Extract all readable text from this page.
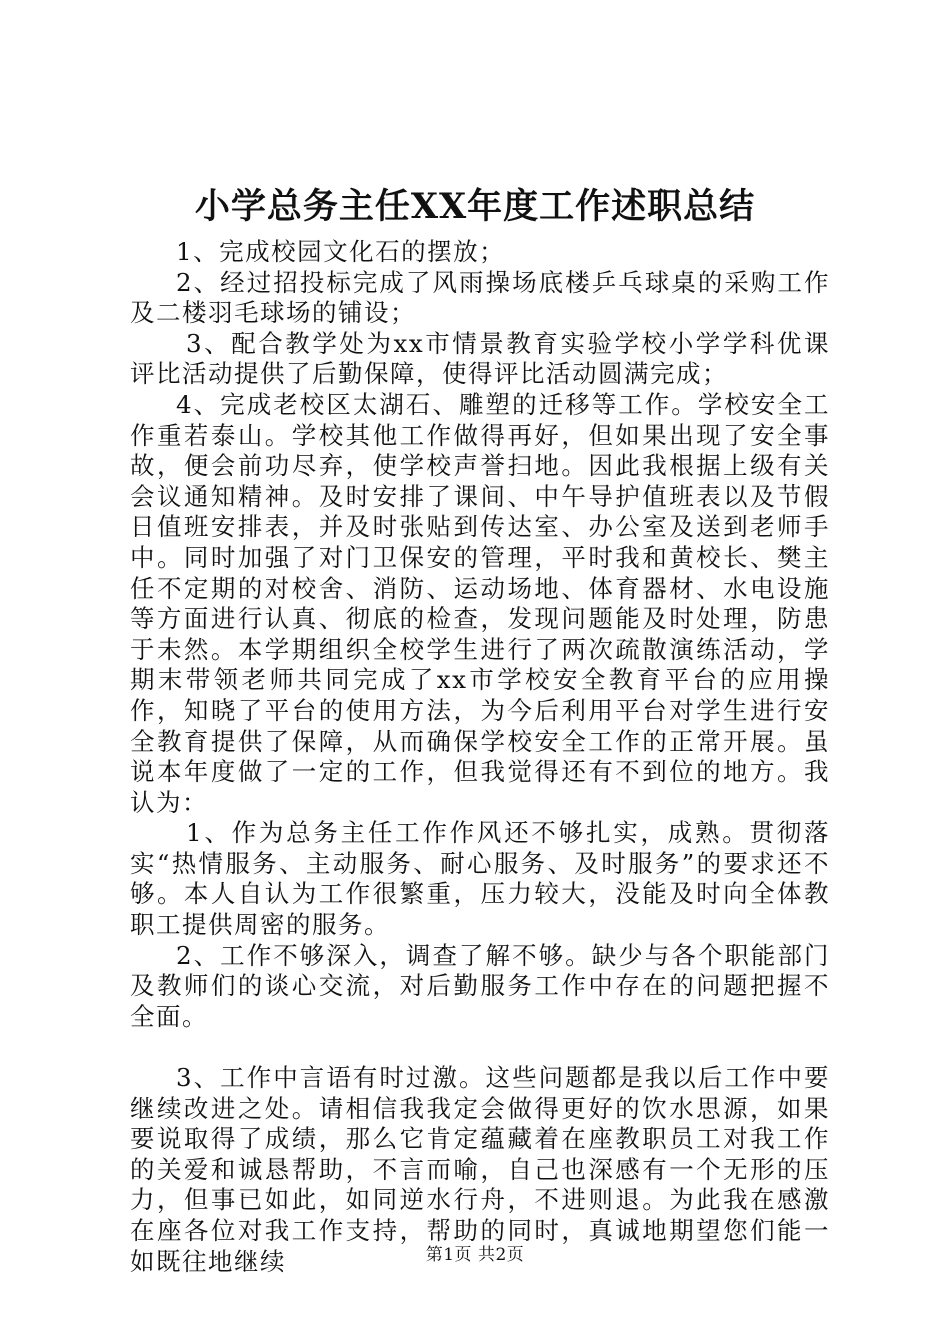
小学总务主任XX年度工作述职总结

1、完成校园文化石的摆放；

2、经过招投标完成了风雨操场底楼乒乓球桌的采购工作及二楼羽毛球场的铺设；

3、配合教学处为xx市情景教育实验学校小学学科优课评比活动提供了后勤保障，使得评比活动圆满完成；

4、完成老校区太湖石、雕塑的迁移等工作。学校安全工作重若泰山。学校其他工作做得再好，但如果出现了安全事故，便会前功尽弃，使学校声誉扫地。因此我根据上级有关会议通知精神。及时安排了课间、中午导护值班表以及节假日值班安排表，并及时张贴到传达室、办公室及送到老师手中。同时加强了对门卫保安的管理，平时我和黄校长、樊主任不定期的对校舍、消防、运动场地、体育器材、水电设施等方面进行认真、彻底的检查，发现问题能及时处理，防患于未然。本学期组织全校学生进行了两次疏散演练活动，学期末带领老师共同完成了xx市学校安全教育平台的应用操作，知晓了平台的使用方法，为今后利用平台对学生进行安全教育提供了保障，从而确保学校安全工作的正常开展。虽说本年度做了一定的工作，但我觉得还有不到位的地方。我认为：

1、作为总务主任工作作风还不够扎实，成熟。贯彻落实“热情服务、主动服务、耐心服务、及时服务”的要求还不够。本人自认为工作很繁重，压力较大，没能及时向全体教职工提供周密的服务。

2、工作不够深入，调查了解不够。缺少与各个职能部门及教师们的谈心交流，对后勤服务工作中存在的问题把握不全面。

3、工作中言语有时过激。这些问题都是我以后工作中要继续改进之处。请相信我我定会做得更好的饮水思源，如果要说取得了成绩，那么它肯定蕴藏着在座教职员工对我工作的关爱和诚恳帮助，不言而喻，自己也深感有一个无形的压力，但事已如此，如同逆水行舟，不进则退。为此我在感激在座各位对我工作支持，帮助的同时，真诚地期望您们能一如既往地继续	第1页 共2页
